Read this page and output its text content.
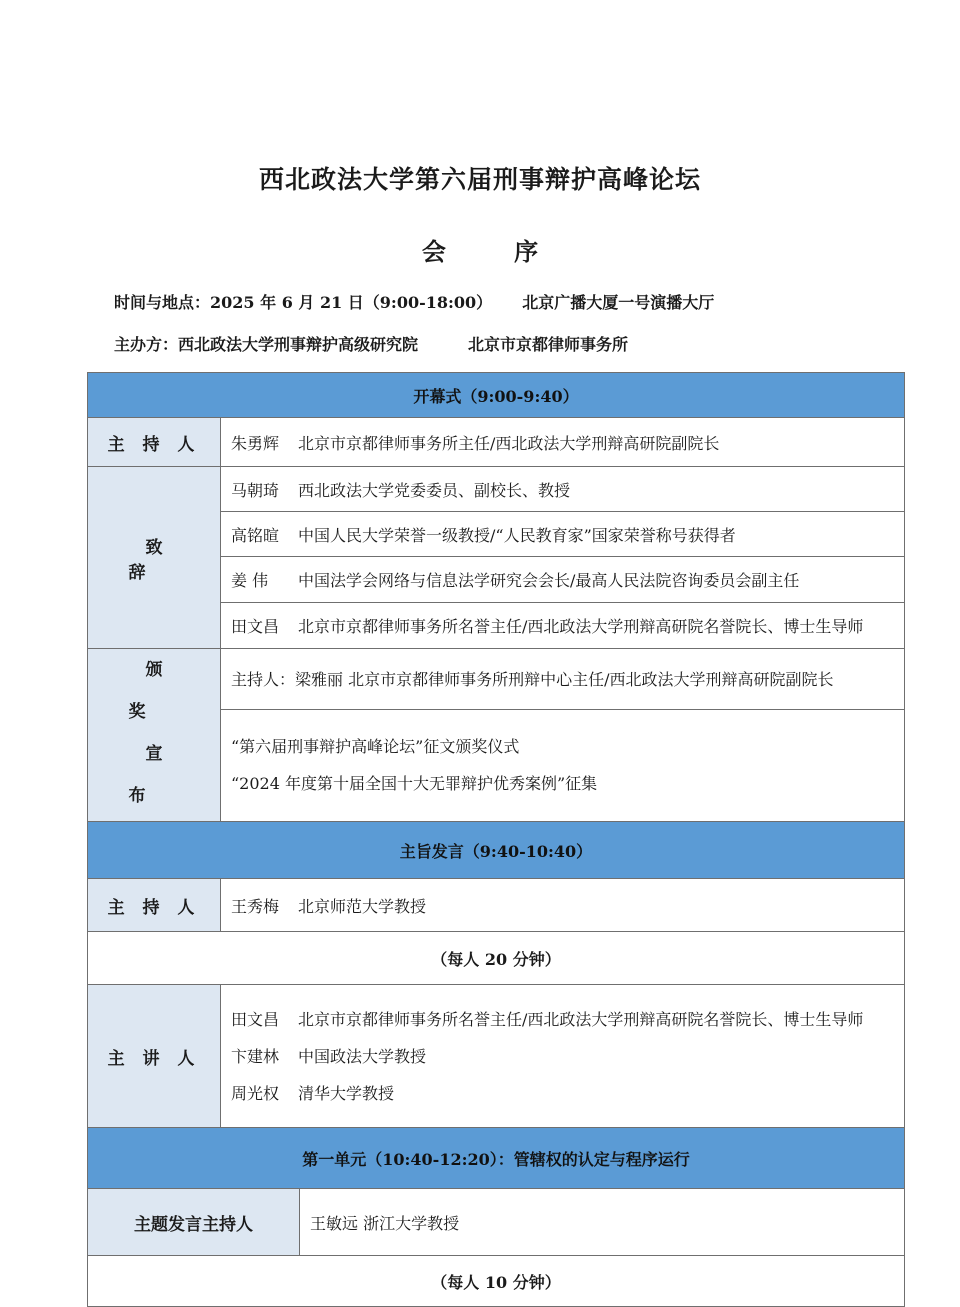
西北政法大学第六届刑事辩护高峰论坛
会 序
时间与地点：2025 年 6 月 21 日（9:00-18:00） 北京广播大厦一号演播大厅
主办方：西北政法大学刑事辩护高级研究院	北京市京都律师事务所
开幕式（9:00-9:40）		
主 持 人	朱勇辉 北京市京都律师事务所主任/西北政法大学刑辩高研院副院长	
致 辞	马朝琦 西北政法大学党委委员、副校长、教授	
	高铭暄 中国人民大学荣誉一级教授/“人民教育家”国家荣誉称号获得者	
	姜 伟 中国法学会网络与信息法学研究会会长/最高人民法院咨询委员会副主任	
	田文昌 北京市京都律师事务所名誉主任/西北政法大学刑辩高研院名誉院长、博士生导师	

颁 奖
宣 布	主持人：梁雅丽 北京市京都律师事务所刑辩中心主任/西北政法大学刑辩高研院副院长	

	“第六届刑事辩护高峰论坛”征文颁奖仪式
“2024 年度第十届全国十大无罪辩护优秀案例”征集	

主旨发言（9:40-10:40）		
主 持 人	王秀梅 北京师范大学教授	
（每人 20 分钟）		
主 讲 人	田文昌 北京市京都律师事务所名誉主任/西北政法大学刑辩高研院名誉院长、博士生导师
卞建林 中国政法大学教授
周光权 清华大学教授	

第一单元（10:40-12:20）：管辖权的认定与程序运行		
主题发言主持人		王敏远 浙江大学教授
（每人 10 分钟）		
